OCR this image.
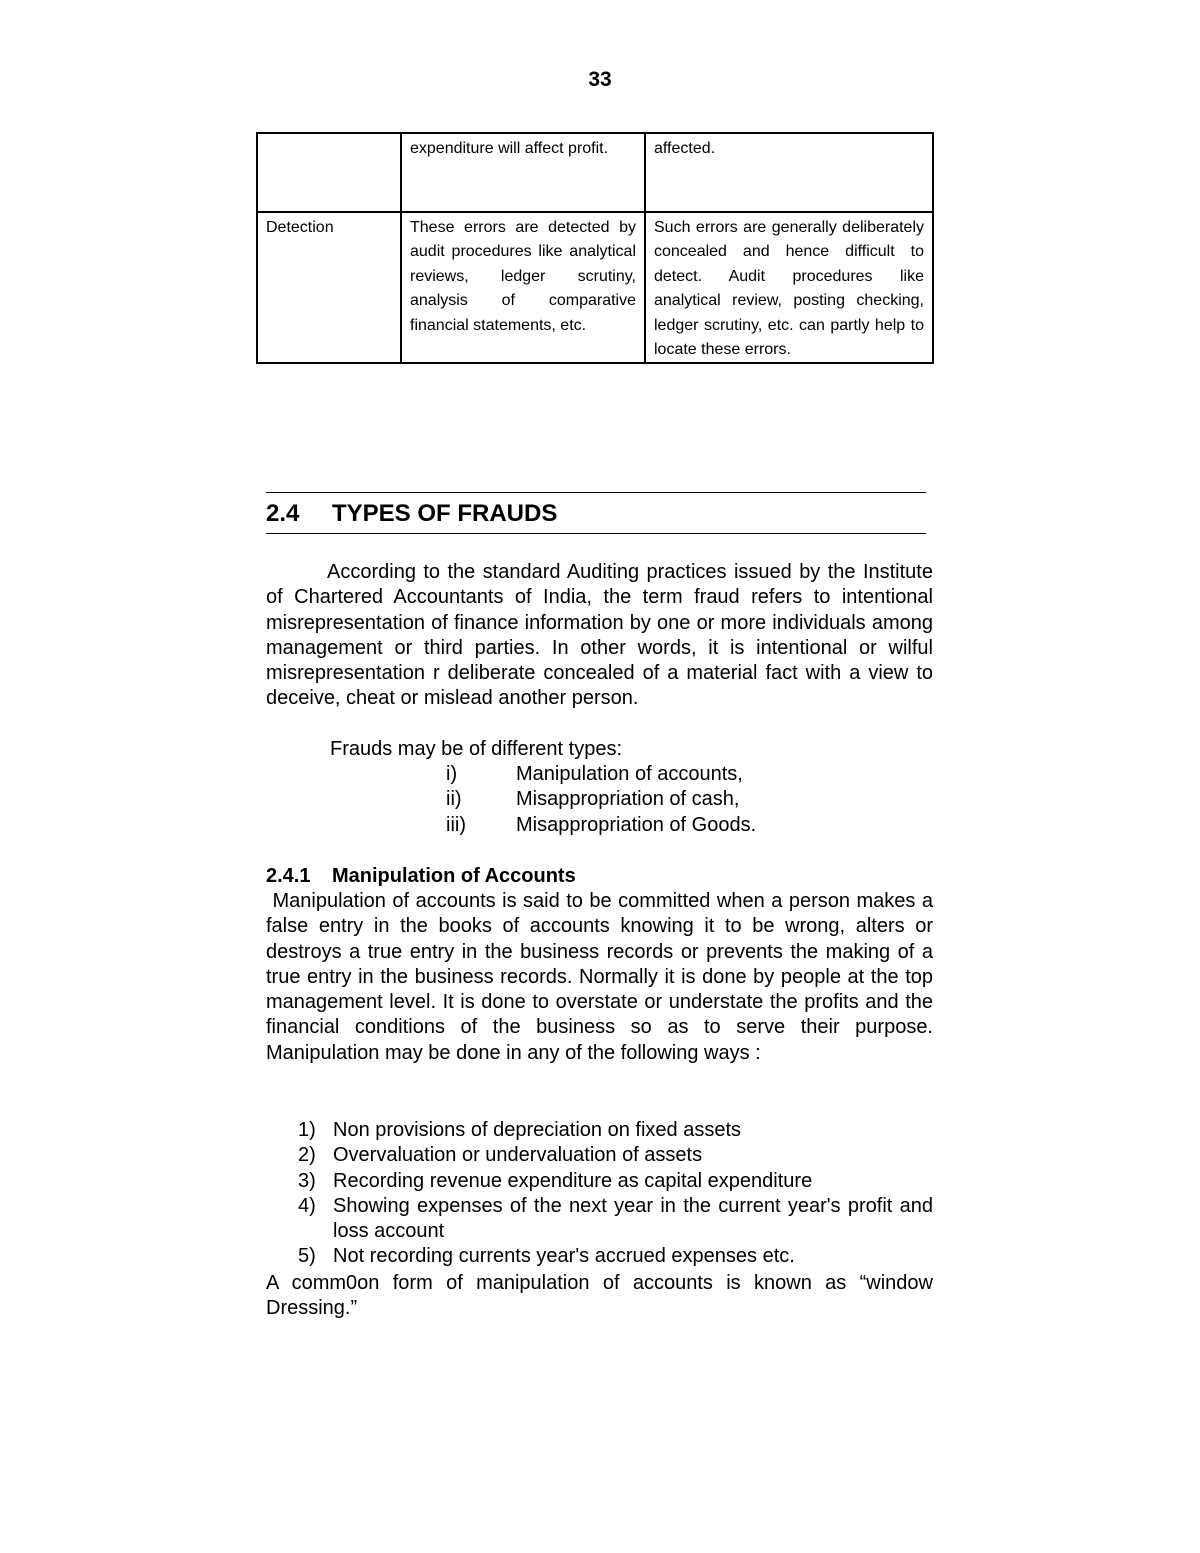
33
	expenditure will affect profit.	affected.
Detection	These errors are detected by audit procedures like analytical reviews, ledger scrutiny, analysis of comparative financial statements, etc.	Such errors are generally deliberately concealed and hence difficult to detect. Audit procedures like analytical review, posting checking, ledger scrutiny, etc. can partly help to locate these errors.
2.4 TYPES OF FRAUDS
According to the standard Auditing practices issued by the Institute of Chartered Accountants of India, the term fraud refers to intentional misrepresentation of finance information by one or more individuals among management or third parties. In other words, it is intentional or wilful misrepresentation r deliberate concealed of a material fact with a view to deceive, cheat or mislead another person.
Frauds may be of different types:
i)	Manipulation of accounts,
ii)	Misappropriation of cash,
iii)	Misappropriation of Goods.
2.4.1 Manipulation of Accounts
Manipulation of accounts is said to be committed when a person makes a false entry in the books of accounts knowing it to be wrong, alters or destroys a true entry in the business records or prevents the making of a true entry in the business records. Normally it is done by people at the top management level. It is done to overstate or understate the profits and the financial conditions of the business so as to serve their purpose. Manipulation may be done in any of the following ways :
1) Non provisions of depreciation on fixed assets
2) Overvaluation or undervaluation of assets
3) Recording revenue expenditure as capital expenditure
4) Showing expenses of the next year in the current year's profit and loss account
5) Not recording currents year's accrued expenses etc.
A comm0on form of manipulation of accounts is known as “window Dressing.”
